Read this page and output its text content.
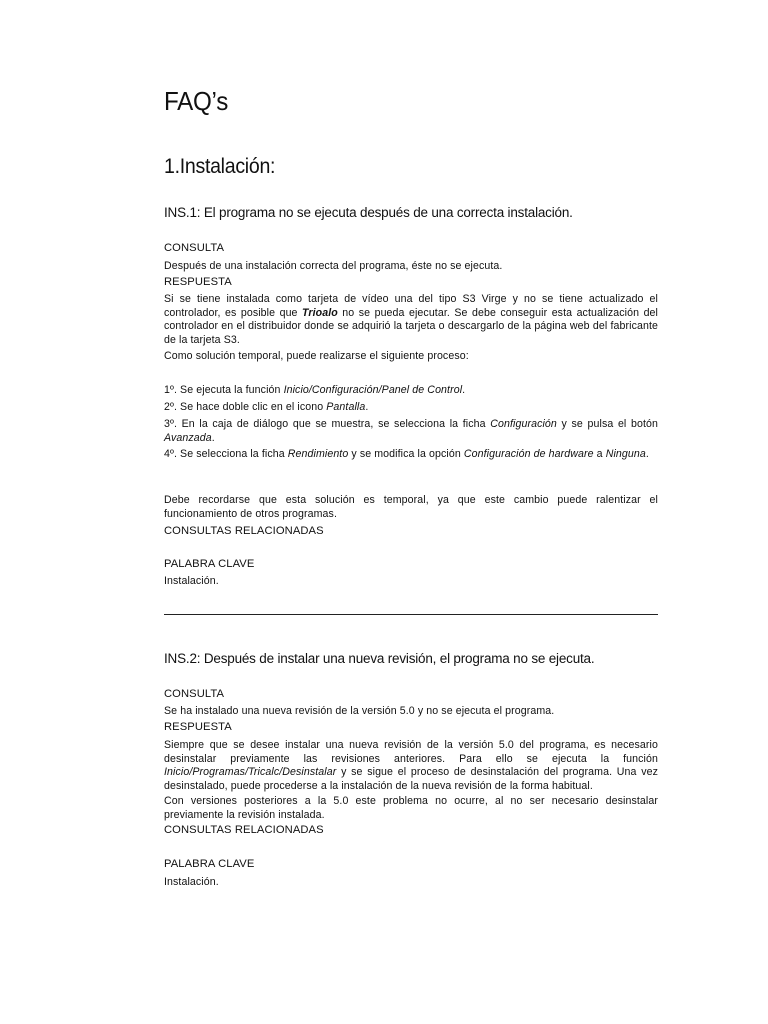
FAQ’s
1.Instalación:
INS.1: El programa no se ejecuta después de una correcta instalación.
CONSULTA
Después de una instalación correcta del programa, éste no se ejecuta.
RESPUESTA
Si se tiene instalada como tarjeta de vídeo una del tipo S3 Virge y no se tiene actualizado el controlador, es posible que Trioalo no se pueda ejecutar. Se debe conseguir esta actualización del controlador en el distribuidor donde se adquirió la tarjeta o descargarlo de la página web del fabricante de la tarjeta S3.
Como solución temporal, puede realizarse el siguiente proceso:
1º. Se ejecuta la función Inicio/Configuración/Panel de Control.
2º. Se hace doble clic en el icono Pantalla.
3º. En la caja de diálogo que se muestra, se selecciona la ficha Configuración y se pulsa el botón Avanzada.
4º. Se selecciona la ficha Rendimiento y se modifica la opción Configuración de hardware a Ninguna.
Debe recordarse que esta solución es temporal, ya que este cambio puede ralentizar el funcionamiento de otros programas.
CONSULTAS RELACIONADAS
PALABRA CLAVE
Instalación.
INS.2: Después de instalar una nueva revisión, el programa no se ejecuta.
CONSULTA
Se ha instalado una nueva revisión de la versión 5.0 y no se ejecuta el programa.
RESPUESTA
Siempre que se desee instalar una nueva revisión de la versión 5.0 del programa, es necesario desinstalar previamente las revisiones anteriores. Para ello se ejecuta la función Inicio/Programas/Tricalc/Desinstalar y se sigue el proceso de desinstalación del programa. Una vez desinstalado, puede procederse a la instalación de la nueva revisión de la forma habitual.
Con versiones posteriores a la 5.0 este problema no ocurre, al no ser necesario desinstalar previamente la revisión instalada.
CONSULTAS RELACIONADAS
PALABRA CLAVE
Instalación.
